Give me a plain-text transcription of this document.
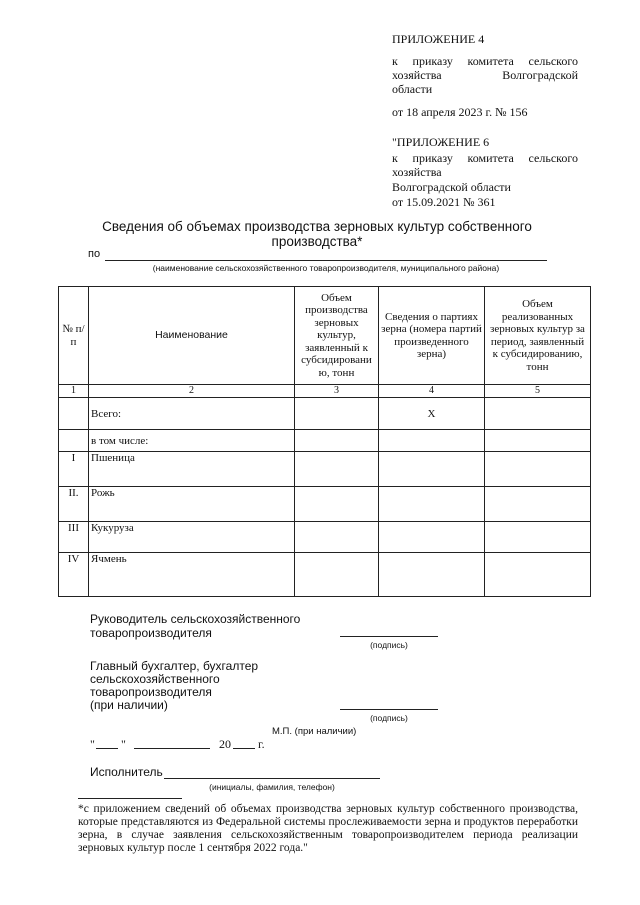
ПРИЛОЖЕНИЕ 4
к приказу комитета сельского
хозяйства Волгоградской
области
от 18 апреля 2023 г. № 156
"ПРИЛОЖЕНИЕ 6
к приказу комитета сельского
хозяйства
Волгоградской области
от 15.09.2021 № 361
Сведения об объемах производства зерновых культур собственного
производства*
по
(наименование сельскохозяйственного товаропроизводителя, муниципального района)
№ п/п	Наименование	Объем производства зерновых культур, заявленный к субсидировани ю, тонн	Сведения о партиях зерна (номера партий произведенного зерна)	Объем реализованных зерновых культур за период, заявленный к субсидированию, тонн
1	2	3	4	5
	Всего:		X	
	в том числе:			
I	Пшеница			
II.	Рожь			
III	Кукуруза			
IV	Ячмень			
Руководитель сельскохозяйственного
товаропроизводителя
(подпись)
Главный бухгалтер, бухгалтер
сельскохозяйственного
товаропроизводителя
(при наличии)
(подпись)
М.П. (при наличии)
" "	20 г.
Исполнитель
(инициалы, фамилия, телефон)
*с приложением сведений об объемах производства зерновых культур собственного производства, которые представляются из Федеральной системы прослеживаемости зерна и продуктов переработки зерна, в случае заявления сельскохозяйственным товаропроизводителем периода реализации зерновых культур после 1 сентября 2022 года."
